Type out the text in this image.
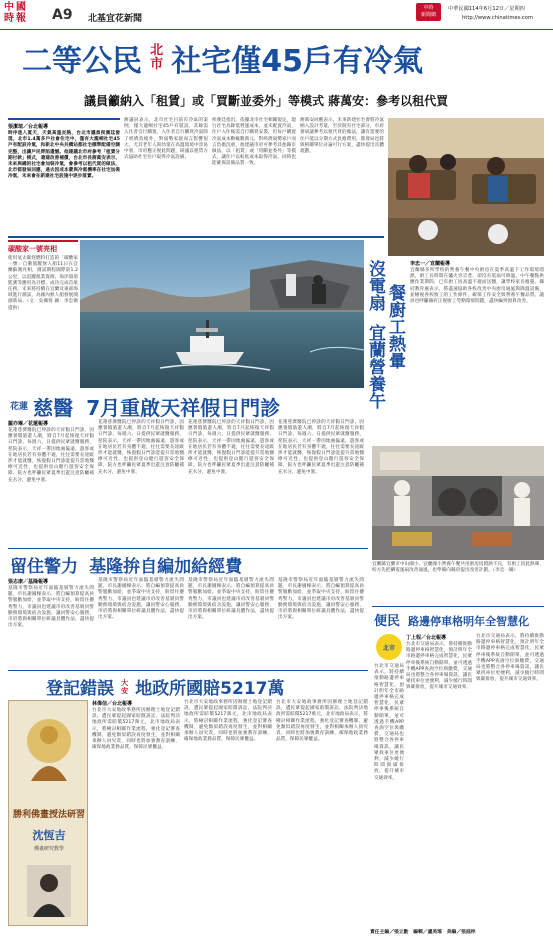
中國
時報	A9 北基宜花新聞
中時
新聞網
中華民國114年6月12日／星期四
http://www.chinatimes.com
二等公民 北
市 社宅僅45戶有冷氣
議員籲納入「租賃」或「買斷並委外」等模式 蔣萬安：參考以租代買
張潔瑄／台北報導
時序進入夏天，天氣高溫炎熱，台北市議員侯漢廷發現，北市1.4萬多戶社會住宅中，僅有大龍峒社宅45戶有配設冷氣，和新北中央共構站都社宅標準配備空調完整，出讓戶民齊陷遺憾。他建議北市府參考「租賃分期付款」模式，還建改善補償，台北市長蔣萬安表示，未來與總的社宅會加裝冷氣，會參考以租代買的做法，北市都發局回應，過去因成本費與冷氣機率在社宅加裝冷氣，未來會在新建社宅設施中逐步落實。
蔣議員表示，北市社宅目前有冷氣的案例，僅大龍峒社宅45戶有裝設，其餘需入住者自行購置，入住者自行購買冷氣除了經濟負擔外，對弱勢家庭而言影響很大，尤其老年人與幼童在高溫環境中容易中暑，市府應正視此問題，研議以租賃方式協助社宅住戶取得冷氣設備。
侯漢廷指出，依據北市社宅相關規定，現行社宅為降低營運成本，並未配置冷氣，住戶入住後需自行購買安裝，但每戶購置冷氣成本動輒數萬元，對經濟弱勢家戶而言負擔沉重，他建議市府可參考其他縣市做法，以「租賃」或「買斷並委外」等模式，讓住戶以較低成本取得冷氣，同時也能確保設備品質一致。
蔣萬安回應表示，未來新建社宅會將冷氣納入設計考量，至於既有社宅部分，市府會研議參考以租代買的做法，讓有需要的住戶能以分期方式負擔費用，都發局也將與相關單位討論可行方案，盡快提出具體規劃。
碳酸家一號亮相
使用氫太碳烴燃料打造的「碳酸家一號」自動駕駛無人船11日在宜蘭蘇澳亮相，測試期程國際前1.2公里，以追蹤漁業資源、海洋環境監測等應用為目標，成功完成首航任務，未來將持續在宜蘭及東部海域進行測試，為國內無人船發展開創新局。（文：吳佩蓉 圖：李忠衛提供）
花蓮 慈醫 7月重啟天祥假日門診
羅亦琳／花蓮報導
花蓮慈濟醫院已停診的天祥假日門診，因應暑假旅遊人潮，將自7月起恢復天祥假日門診，每週六、日提供民眾就醫服務，慈院表示，天祥一帶因地處偏遠，遊客或在地居民若有身體不適，往往需要長途跋涉才能就醫，恢復假日門診能提升當地醫療可近性，也提供登山健行遊客安全保障，院方也呼籲民眾夏季出遊注意防曬補充水分，避免中暑。
花蓮慈濟醫院已停診的天祥假日門診，因應暑假旅遊人潮，將自7月起恢復天祥假日門診，每週六、日提供民眾就醫服務，慈院表示，天祥一帶因地處偏遠，遊客或在地居民若有身體不適，往往需要長途跋涉才能就醫，恢復假日門診能提升當地醫療可近性，也提供登山健行遊客安全保障，院方也呼籲民眾夏季出遊注意防曬補充水分，避免中暑。
花蓮慈濟醫院已停診的天祥假日門診，因應暑假旅遊人潮，將自7月起恢復天祥假日門診，每週六、日提供民眾就醫服務，慈院表示，天祥一帶因地處偏遠，遊客或在地居民若有身體不適，往往需要長途跋涉才能就醫，恢復假日門診能提升當地醫療可近性，也提供登山健行遊客安全保障，院方也呼籲民眾夏季出遊注意防曬補充水分，避免中暑。
花蓮慈濟醫院已停診的天祥假日門診，因應暑假旅遊人潮，將自7月起恢復天祥假日門診，每週六、日提供民眾就醫服務，慈院表示，天祥一帶因地處偏遠，遊客或在地居民若有身體不適，往往需要長途跋涉才能就醫，恢復假日門診能提升當地醫療可近性，也提供登山健行遊客安全保障，院方也呼籲民眾夏季出遊注意防曬補充水分，避免中暑。
沒電扇
宜蘭營養午 餐廚工熱暈
李忠一／宜蘭報導
宜蘭縣多所學校的營養午餐中央廚房在夏季高溫下工作環境悶熱，廚工長時間在爐火旁烹煮，卻沒有電扇可降溫，中午餐點供應作業期間，已有廚工因高溫不適而送醫，讓學校家長擔憂。縣府教育處表示，將盡速協助各校改善中央廚房通風與降溫設備，並檢視各校廚工的工作條件，確保工作安全與營養午餐品質。議員也呼籲縣府正視廚工勞動環境問題，盡快編列預算改善。
宜蘭縣宜蘭市中山國小、宜蘭國小營養午餐共用廚房因悶熱不良，有廚工因此熱暈，校方先把購電風扇改善通風，也準備向縣府提出改善計劃。（李忠一攝）
留住警力 基隆拚自編加給經費
張志康／基隆報導
基隆市警察局近年面臨基層警力流失問題，市長謝國樑表示，將自編預算提高員警服勤加給，並爭取中央支持，盼留住優秀警力，市議員也建議市府改善基層員警勤務環境與宿舍設施，讓員警安心服務，市府將與相關單位研議具體作法，盡快提出方案。
基隆市警察局近年面臨基層警力流失問題，市長謝國樑表示，將自編預算提高員警服勤加給，並爭取中央支持，盼留住優秀警力，市議員也建議市府改善基層員警勤務環境與宿舍設施，讓員警安心服務，市府將與相關單位研議具體作法，盡快提出方案。
基隆市警察局近年面臨基層警力流失問題，市長謝國樑表示，將自編預算提高員警服勤加給，並爭取中央支持，盼留住優秀警力，市議員也建議市府改善基層員警勤務環境與宿舍設施，讓員警安心服務，市府將與相關單位研議具體作法，盡快提出方案。
基隆市警察局近年面臨基層警力流失問題，市長謝國樑表示，將自編預算提高員警服勤加給，並爭取中央支持，盼留住優秀警力，市議員也建議市府改善基層員警勤務環境與宿舍設施，讓員警安心服務，市府將與相關單位研議具體作法，盡快提出方案。	便民 路邊停車格明年全智慧化
北市
丁上程／台北報導
台北市交通局表示，將持續推動路邊停車格智慧化，預計明年全市路邊停車格完成智慧化，民眾停車後系統自動開單，並可透過手機APP查詢空位與繳費，交通局也將整合各停車場資訊，讓民眾找車位更便利，減少繞行時間與碳排放，提升城市交通效率。
台北市交通局表示，將持續推動路邊停車格智慧化，預計明年全市路邊停車格完成智慧化，民眾停車後系統自動開單，並可透過手機APP查詢空位與繳費，交通局也將整合各停車場資訊，讓民眾找車位更便利，減少繞行時間與碳排放，提升城市交通效率。
台北市交通局表示，將持續推動路邊停車格智慧化，預計明年全市路邊停車格完成智慧化，民眾停車後系統自動開單，並可透過手機APP查詢空位與繳費，交通局也將整合各停車場資訊，讓民眾找車位更便利，減少繞行時間與碳排放，提升城市交通效率。
登記錯誤 大
安 地政所國賠5217萬
勝利佛畫授法研習
沈恆吉
佛畫研究教學
林偉信／台北報導
台北市大安地政事務所因辦理土地登記錯誤，遭民眾提起國家賠償訴訟，法院判決地政所需賠償5217萬元，北市地政局表示，將檢討相關作業流程，強化登記審查機制，避免類似錯誤再度發生，並對相關承辦人員究責，同時也將加強教育訓練，確保地政業務品質，保障民眾權益。
台北市大安地政事務所因辦理土地登記錯誤，遭民眾提起國家賠償訴訟，法院判決地政所需賠償5217萬元，北市地政局表示，將檢討相關作業流程，強化登記審查機制，避免類似錯誤再度發生，並對相關承辦人員究責，同時也將加強教育訓練，確保地政業務品質，保障民眾權益。
台北市大安地政事務所因辦理土地登記錯誤，遭民眾提起國家賠償訴訟，法院判決地政所需賠償5217萬元，北市地政局表示，將檢討相關作業流程，強化登記審查機制，避免類似錯誤再度發生，並對相關承辦人員究責，同時也將加強教育訓練，確保地政業務品質，保障民眾權益。
責任主編／張立勳　編輯／盧美瑤　美編／張庭梓
